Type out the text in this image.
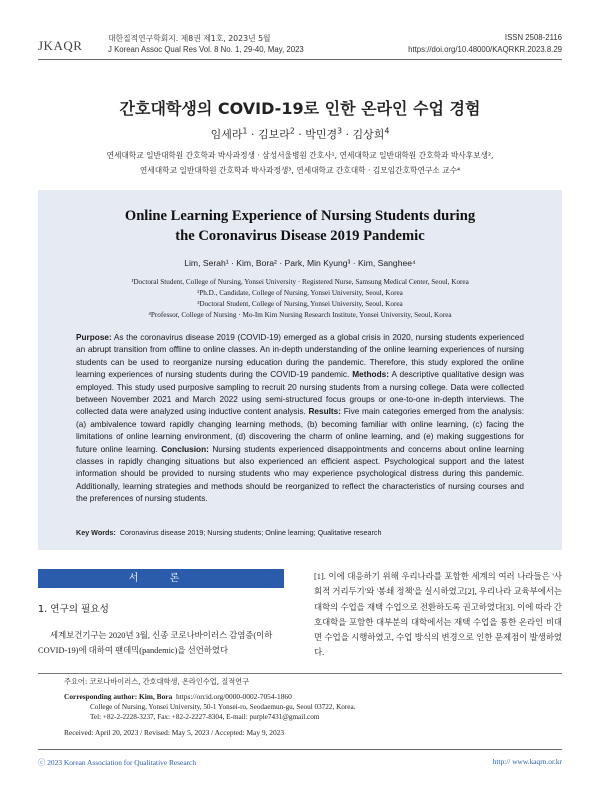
JKAQR	대한질적연구학회지. 제8권 제1호, 2023년 5월
J Korean Assoc Qual Res Vol. 8 No. 1, 29-40, May, 2023
ISSN 2508-2116
https://doi.org/10.48000/KAQRKR.2023.8.29
간호대학생의 COVID-19로 인한 온라인 수업 경험
임세라$^1$ · 김보라$^2$ · 박민경$^3$ · 김상희$^4$
연세대학교 일반대학원 간호학과 박사과정생 · 삼성서울병원 간호사¹, 연세대학교 일반대학원 간호학과 박사후보생²,
연세대학교 일반대학원 간호학과 박사과정생³, 연세대학교 간호대학 · 김모임간호학연구소 교수⁴
Online Learning Experience of Nursing Students during
the Coronavirus Disease 2019 Pandemic
Lim, Serah¹ · Kim, Bora² · Park, Min Kyung³ · Kim, Sanghee⁴
¹Doctoral Student, College of Nursing, Yonsei University · Registered Nurse, Samsung Medical Center, Seoul, Korea
²Ph.D., Candidate, College of Nursing, Yonsei University, Seoul, Korea
³Doctoral Student, College of Nursing, Yonsei University, Seoul, Korea
⁴Professor, College of Nursing · Mo-Im Kim Nursing Research Institute, Yonsei University, Seoul, Korea
Purpose: As the coronavirus disease 2019 (COVID-19) emerged as a global crisis in 2020, nursing students experienced an abrupt transition from offline to online classes. An in-depth understanding of the online learning experiences of nursing students can be used to reorganize nursing education during the pandemic. Therefore, this study explored the online learning experiences of nursing students during the COVID-19 pandemic. Methods: A descriptive qualitative design was employed. This study used purposive sampling to recruit 20 nursing students from a nursing college. Data were collected between November 2021 and March 2022 using semi-structured focus groups or one-to-one in-depth interviews. The collected data were analyzed using inductive content analysis. Results: Five main categories emerged from the analysis: (a) ambivalence toward rapidly changing learning methods, (b) becoming familiar with online learning, (c) facing the limitations of online learning environment, (d) discovering the charm of online learning, and (e) making suggestions for future online learning. Conclusion: Nursing students experienced disappointments and concerns about online learning classes in rapidly changing situations but also experienced an efficient aspect. Psychological support and the latest information should be provided to nursing students who may experience psychological distress during this pandemic. Additionally, learning strategies and methods should be reorganized to reflect the characteristics of nursing courses and the preferences of nursing students.
Key Words: Coronavirus disease 2019; Nursing students; Online learning; Qualitative research
서 론
1. 연구의 필요성
세계보건기구는 2020년 3월, 신종 코로나바이러스 감염증(이하 COVID-19)에 대하여 팬데믹(pandemic)을 선언하였다
[1]. 이에 대응하기 위해 우리나라를 포함한 세계의 여러 나라들은 '사회적 거리두기'와 '봉쇄 정책'을 실시하였고[2], 우리나라 교육부에서는 대학의 수업을 재택 수업으로 전환하도록 권고하였다[3]. 이에 따라 간호대학을 포함한 대부분의 대학에서는 재택 수업을 통한 온라인 비대면 수업을 시행하였고, 수업 방식의 변경으로 인한 문제점이 발생하였다.
주요어: 코로나바이러스, 간호대학생, 온라인수업, 질적연구
Corresponding author: Kim, Bora https://orcid.org/0000-0002-7054-1860
College of Nursing, Yonsei University, 50-1 Yonsei-ro, Seodaemun-gu, Seoul 03722, Korea.
Tel: +82-2-2228-3237, Fax: +82-2-2227-8304, E-mail: purple7431@gmail.com
Received: April 20, 2023 / Revised: May 5, 2023 / Accepted: May 9, 2023
ⓒ 2023 Korean Association for Qualitative Research	http:// www.kaqrn.or.kr
